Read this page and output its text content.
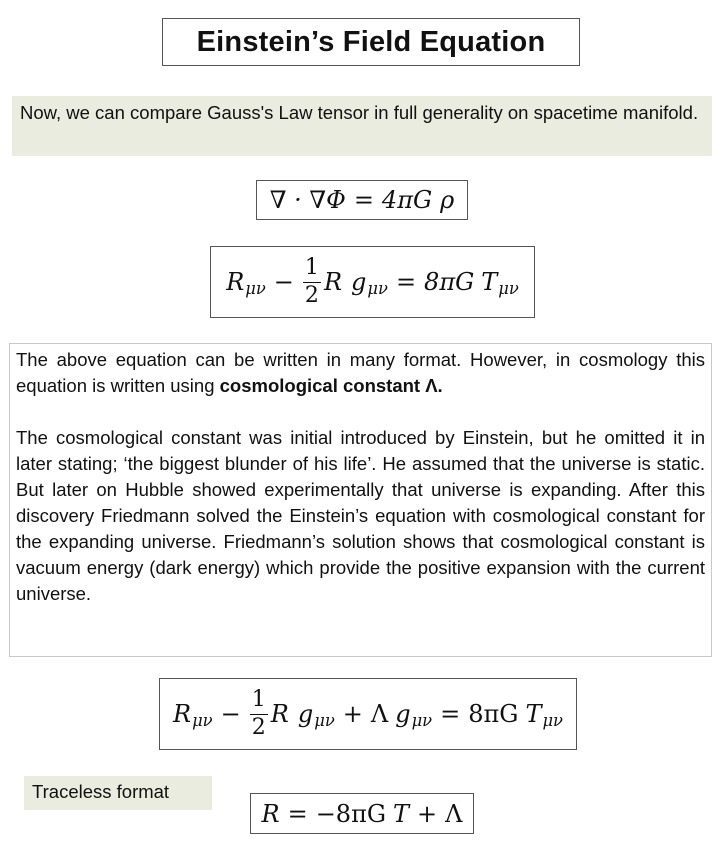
Einstein’s Field Equation
Now, we can compare Gauss's Law tensor in full generality on spacetime manifold.
∇ · ∇Φ = 4πG ρ
R $\mu\nu - \frac{1}{2}$ R g μν = 8πG T μν

The above equation can be written in many format. However, in cosmology this equation is written using cosmological constant Λ.

The cosmological constant was initial introduced by Einstein, but he omitted it in later stating; ‘the biggest blunder of his life’. He assumed that the universe is static. But later on Hubble showed experimentally that universe is expanding. After this discovery Friedmann solved the Einstein’s equation with cosmological constant for the expanding universe. Friedmann’s solution shows that cosmological constant is vacuum energy (dark energy) which provide the positive expansion with the current universe.

R $\mu\nu - \frac{1}{2}$ R g μν + Λ g μν = 8πG T μν
Traceless format
R = −8πG T + Λ
